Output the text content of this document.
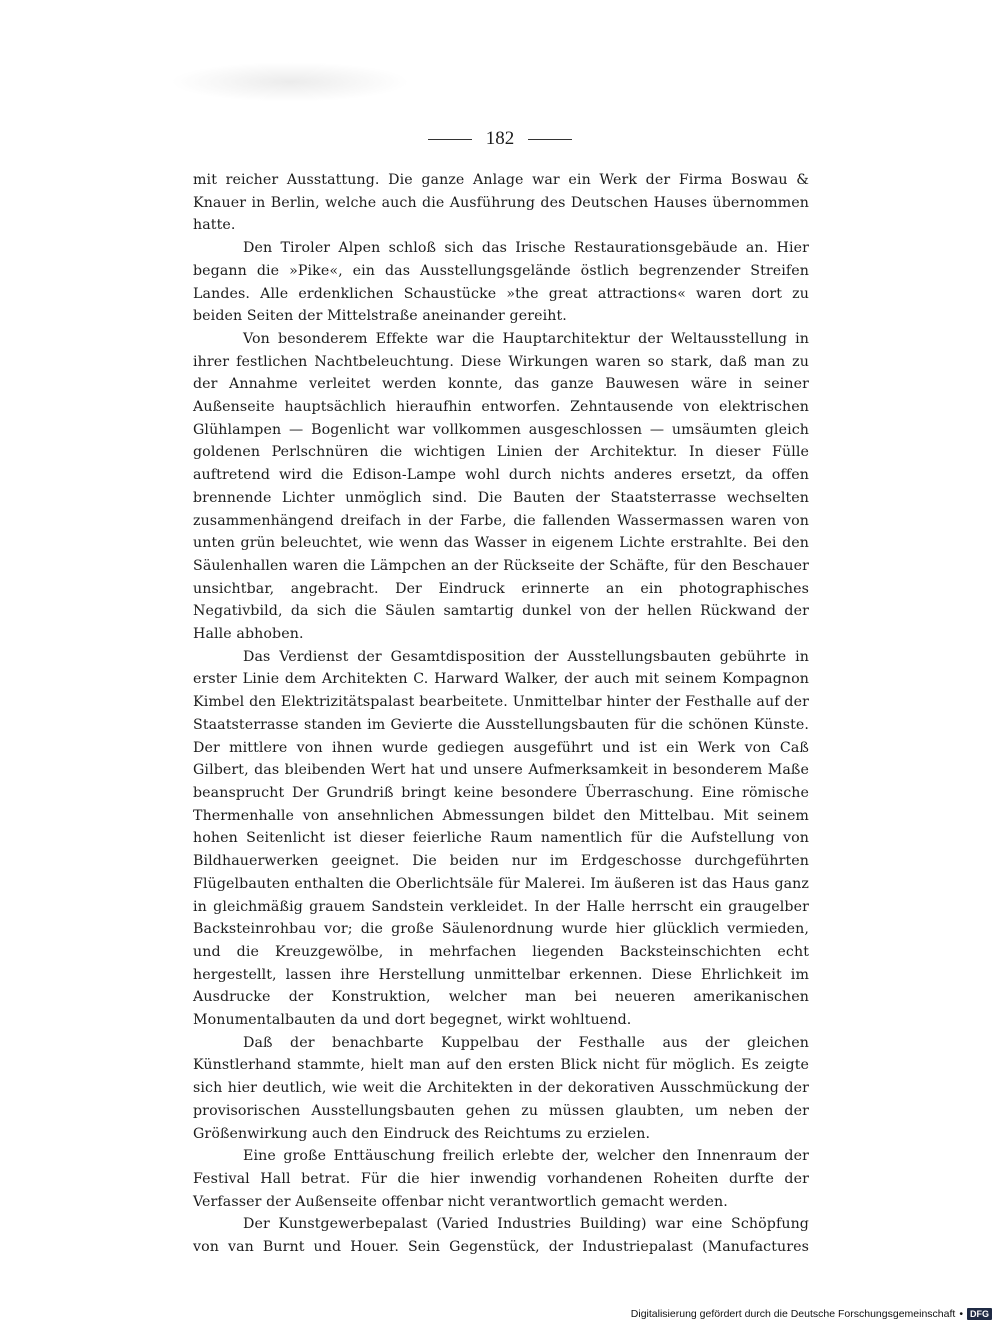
182

mit reicher Ausstattung. Die ganze Anlage war ein Werk der Firma Boswau & Knauer in Berlin, welche auch die Ausführung des Deutschen Hauses übernommen hatte.

Den Tiroler Alpen schloß sich das Irische Restaurationsgebäude an. Hier begann die »Pike«, ein das Ausstellungsgelände östlich begrenzender Streifen Landes. Alle erdenklichen Schaustücke »the great attractions« waren dort zu beiden Seiten der Mittelstraße aneinander gereiht.

Von besonderem Effekte war die Hauptarchitektur der Weltausstellung in ihrer festlichen Nachtbeleuchtung. Diese Wirkungen waren so stark, daß man zu der Annahme verleitet werden konnte, das ganze Bauwesen wäre in seiner Außenseite hauptsächlich hieraufhin entworfen. Zehntausende von elektrischen Glühlampen — Bogenlicht war vollkommen ausgeschlossen — umsäumten gleich goldenen Perlschnüren die wichtigen Linien der Architektur. In dieser Fülle auftretend wird die Edison-Lampe wohl durch nichts anderes ersetzt, da offen brennende Lichter unmöglich sind. Die Bauten der Staatsterrasse wechselten zusammenhängend dreifach in der Farbe, die fallenden Wassermassen waren von unten grün beleuchtet, wie wenn das Wasser in eigenem Lichte erstrahlte. Bei den Säulenhallen waren die Lämpchen an der Rückseite der Schäfte, für den Beschauer unsichtbar, angebracht. Der Eindruck erinnerte an ein photographisches Negativbild, da sich die Säulen samtartig dunkel von der hellen Rückwand der Halle abhoben.

Das Verdienst der Gesamtdisposition der Ausstellungsbauten gebührte in erster Linie dem Architekten C. Harward Walker, der auch mit seinem Kompagnon Kimbel den Elektrizitätspalast bearbeitete. Unmittelbar hinter der Festhalle auf der Staatsterrasse standen im Gevierte die Ausstellungsbauten für die schönen Künste. Der mittlere von ihnen wurde gediegen ausgeführt und ist ein Werk von Caß Gilbert, das bleibenden Wert hat und unsere Aufmerksamkeit in besonderem Maße beansprucht Der Grundriß bringt keine besondere Überraschung. Eine römische Thermenhalle von ansehnlichen Abmessungen bildet den Mittelbau. Mit seinem hohen Seitenlicht ist dieser feierliche Raum namentlich für die Aufstellung von Bildhauerwerken geeignet. Die beiden nur im Erdgeschosse durchgeführten Flügelbauten enthalten die Oberlichtsäle für Malerei. Im äußeren ist das Haus ganz in gleichmäßig grauem Sandstein verkleidet. In der Halle herrscht ein graugelber Backsteinrohbau vor; die große Säulenordnung wurde hier glücklich vermieden, und die Kreuzgewölbe, in mehrfachen liegenden Backsteinschichten echt hergestellt, lassen ihre Herstellung unmittelbar erkennen. Diese Ehrlichkeit im Ausdrucke der Konstruktion, welcher man bei neueren amerikanischen Monumentalbauten da und dort begegnet, wirkt wohltuend.

Daß der benachbarte Kuppelbau der Festhalle aus der gleichen Künstlerhand stammte, hielt man auf den ersten Blick nicht für möglich. Es zeigte sich hier deutlich, wie weit die Architekten in der dekorativen Ausschmückung der provisorischen Ausstellungsbauten gehen zu müssen glaubten, um neben der Größenwirkung auch den Eindruck des Reichtums zu erzielen.

Eine große Enttäuschung freilich erlebte der, welcher den Innenraum der Festival Hall betrat. Für die hier inwendig vorhandenen Roheiten durfte der Verfasser der Außenseite offenbar nicht verantwortlich gemacht werden.

Der Kunstgewerbepalast (Varied Industries Building) war eine Schöpfung von van Burnt und Houer. Sein Gegenstück, der Industriepalast (Manufactures

Digitalisierung gefördert durch die Deutsche Forschungsgemeinschaft • DFG
